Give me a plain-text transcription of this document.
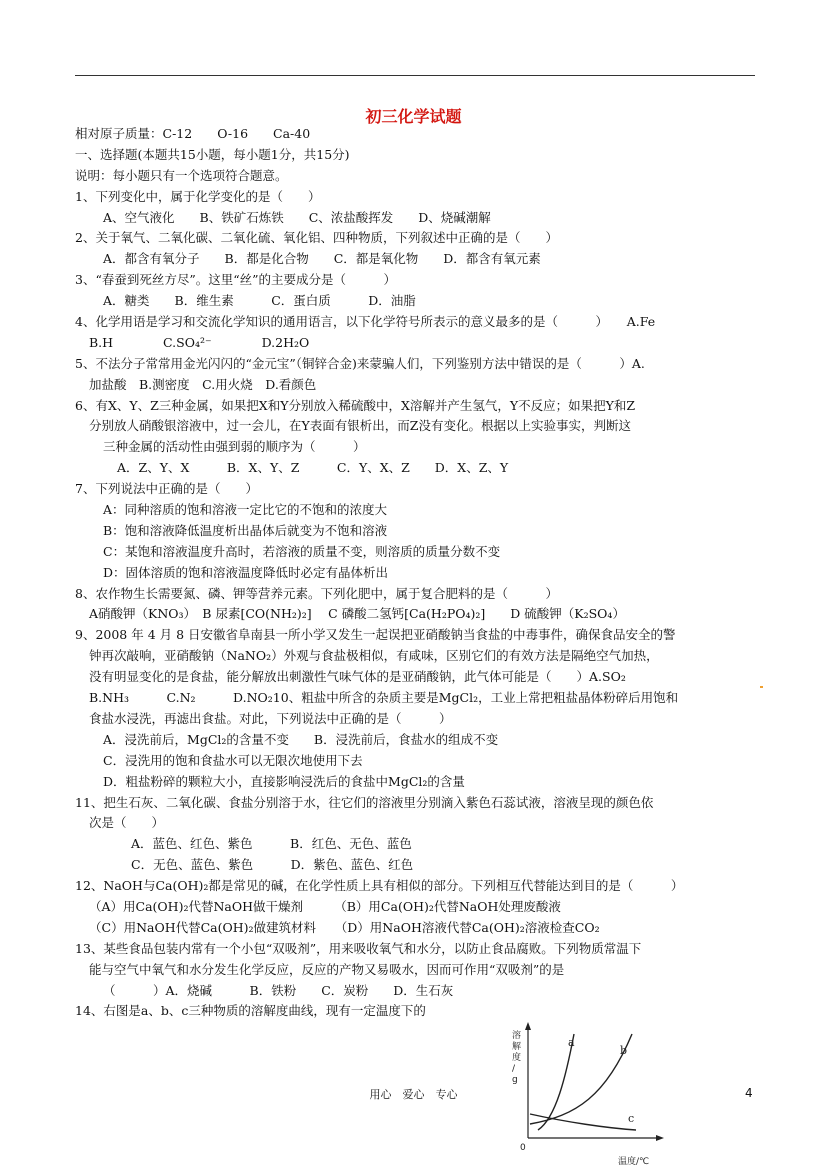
初三化学试题
相对原子质量：C-12　　O-16　　Ca-40
一、选择题(本题共15小题，每小题1分，共15分)
说明：每小题只有一个选项符合题意。
1、下列变化中，属于化学变化的是（　　）
A、空气液化　　B、铁矿石炼铁　　C、浓盐酸挥发　　D、烧碱潮解
2、关于氧气、二氧化碳、二氧化硫、氧化铝、四种物质，下列叙述中正确的是（　　）
A．都含有氧分子　　B．都是化合物　　C．都是氧化物　　D．都含有氧元素
3、“春蚕到死丝方尽”。这里“丝”的主要成分是（　　　）
A．糖类　　B．维生素　　　C．蛋白质　　　D．油脂
4、化学用语是学习和交流化学知识的通用语言，以下化学符号所表示的意义最多的是（　　　）　　A.Fe
B.H　　　　C.SO₄²⁻　　　　D.2H₂O
5、不法分子常常用金光闪闪的“金元宝”（铜锌合金)来蒙骗人们，下列鉴别方法中错误的是（　　　）A.
加盐酸　B.测密度　C.用火烧　D.看颜色
6、有X、Y、Z三种金属，如果把X和Y分别放入稀硫酸中，X溶解并产生氢气，Y不反应；如果把Y和Z
分别放人硝酸银溶液中，过一会儿，在Y表面有银析出，而Z没有变化。根据以上实验事实，判断这
三种金属的活动性由强到弱的顺序为（　　　）
A．Z、Y、X　　　B．X、Y、Z　　　C．Y、X、Z　　D．X、Z、Y
7、下列说法中正确的是（　　）
A：同种溶质的饱和溶液一定比它的不饱和的浓度大
B：饱和溶液降低温度析出晶体后就变为不饱和溶液
C：某饱和溶液温度升高时，若溶液的质量不变，则溶质的质量分数不变
D：固体溶质的饱和溶液温度降低时必定有晶体析出
8、农作物生长需要氮、磷、钾等营养元素。下列化肥中，属于复合肥料的是（　　　）
A硝酸钾（KNO₃）　B 尿素[CO(NH₂)₂]　 C 磷酸二氢钙[Ca(H₂PO₄)₂]　　D 硫酸钾（K₂SO₄）
9、2008 年 4 月 8 日安徽省阜南县一所小学又发生一起误把亚硝酸钠当食盐的中毒事件，确保食品安全的警
钟再次敲响，亚硝酸钠（NaNO₂）外观与食盐极相似，有咸味，区别它们的有效方法是隔绝空气加热，
没有明显变化的是食盐，能分解放出刺激性气味气体的是亚硝酸钠，此气体可能是（　　）A.SO₂
B.NH₃　　　C.N₂　　　D.NO₂10、粗盐中所含的杂质主要是MgCl₂，工业上常把粗盐晶体粉碎后用饱和
食盐水浸洗，再滤出食盐。对此，下列说法中正确的是（　　　）
A．浸洗前后，MgCl₂的含量不变　　B．浸洗前后，食盐水的组成不变
C．浸洗用的饱和食盐水可以无限次地使用下去
D．粗盐粉碎的颗粒大小，直接影响浸洗后的食盐中MgCl₂的含量
11、把生石灰、二氧化碳、食盐分别溶于水，往它们的溶液里分别滴入紫色石蕊试液，溶液呈现的颜色依
次是（　　）
A．蓝色、红色、紫色　　　B．红色、无色、蓝色
C．无色、蓝色、紫色　　　D．紫色、蓝色、红色
12、NaOH与Ca(OH)₂都是常见的碱，在化学性质上具有相似的部分。下列相互代替能达到目的是（　　　）
（A）用Ca(OH)₂代替NaOH做干燥剂　　　（B）用Ca(OH)₂代替NaOH处理废酸液
（C）用NaOH代替Ca(OH)₂做建筑材料　　（D）用NaOH溶液代替Ca(OH)₂溶液检查CO₂
13、某些食品包装内常有一个小包“双吸剂”，用来吸收氧气和水分，以防止食品腐败。下列物质常温下
能与空气中氧气和水分发生化学反应，反应的产物又易吸水，因而可作用“双吸剂”的是
（　　　）A．烧碱　　　B．铁粉　　C．炭粉　　D．生石灰
14、右图是a、b、c三种物质的溶解度曲线，现有一定温度下的
溶解度/ g
a
b
c
0
温度/℃
用心　爱心　专心	4
